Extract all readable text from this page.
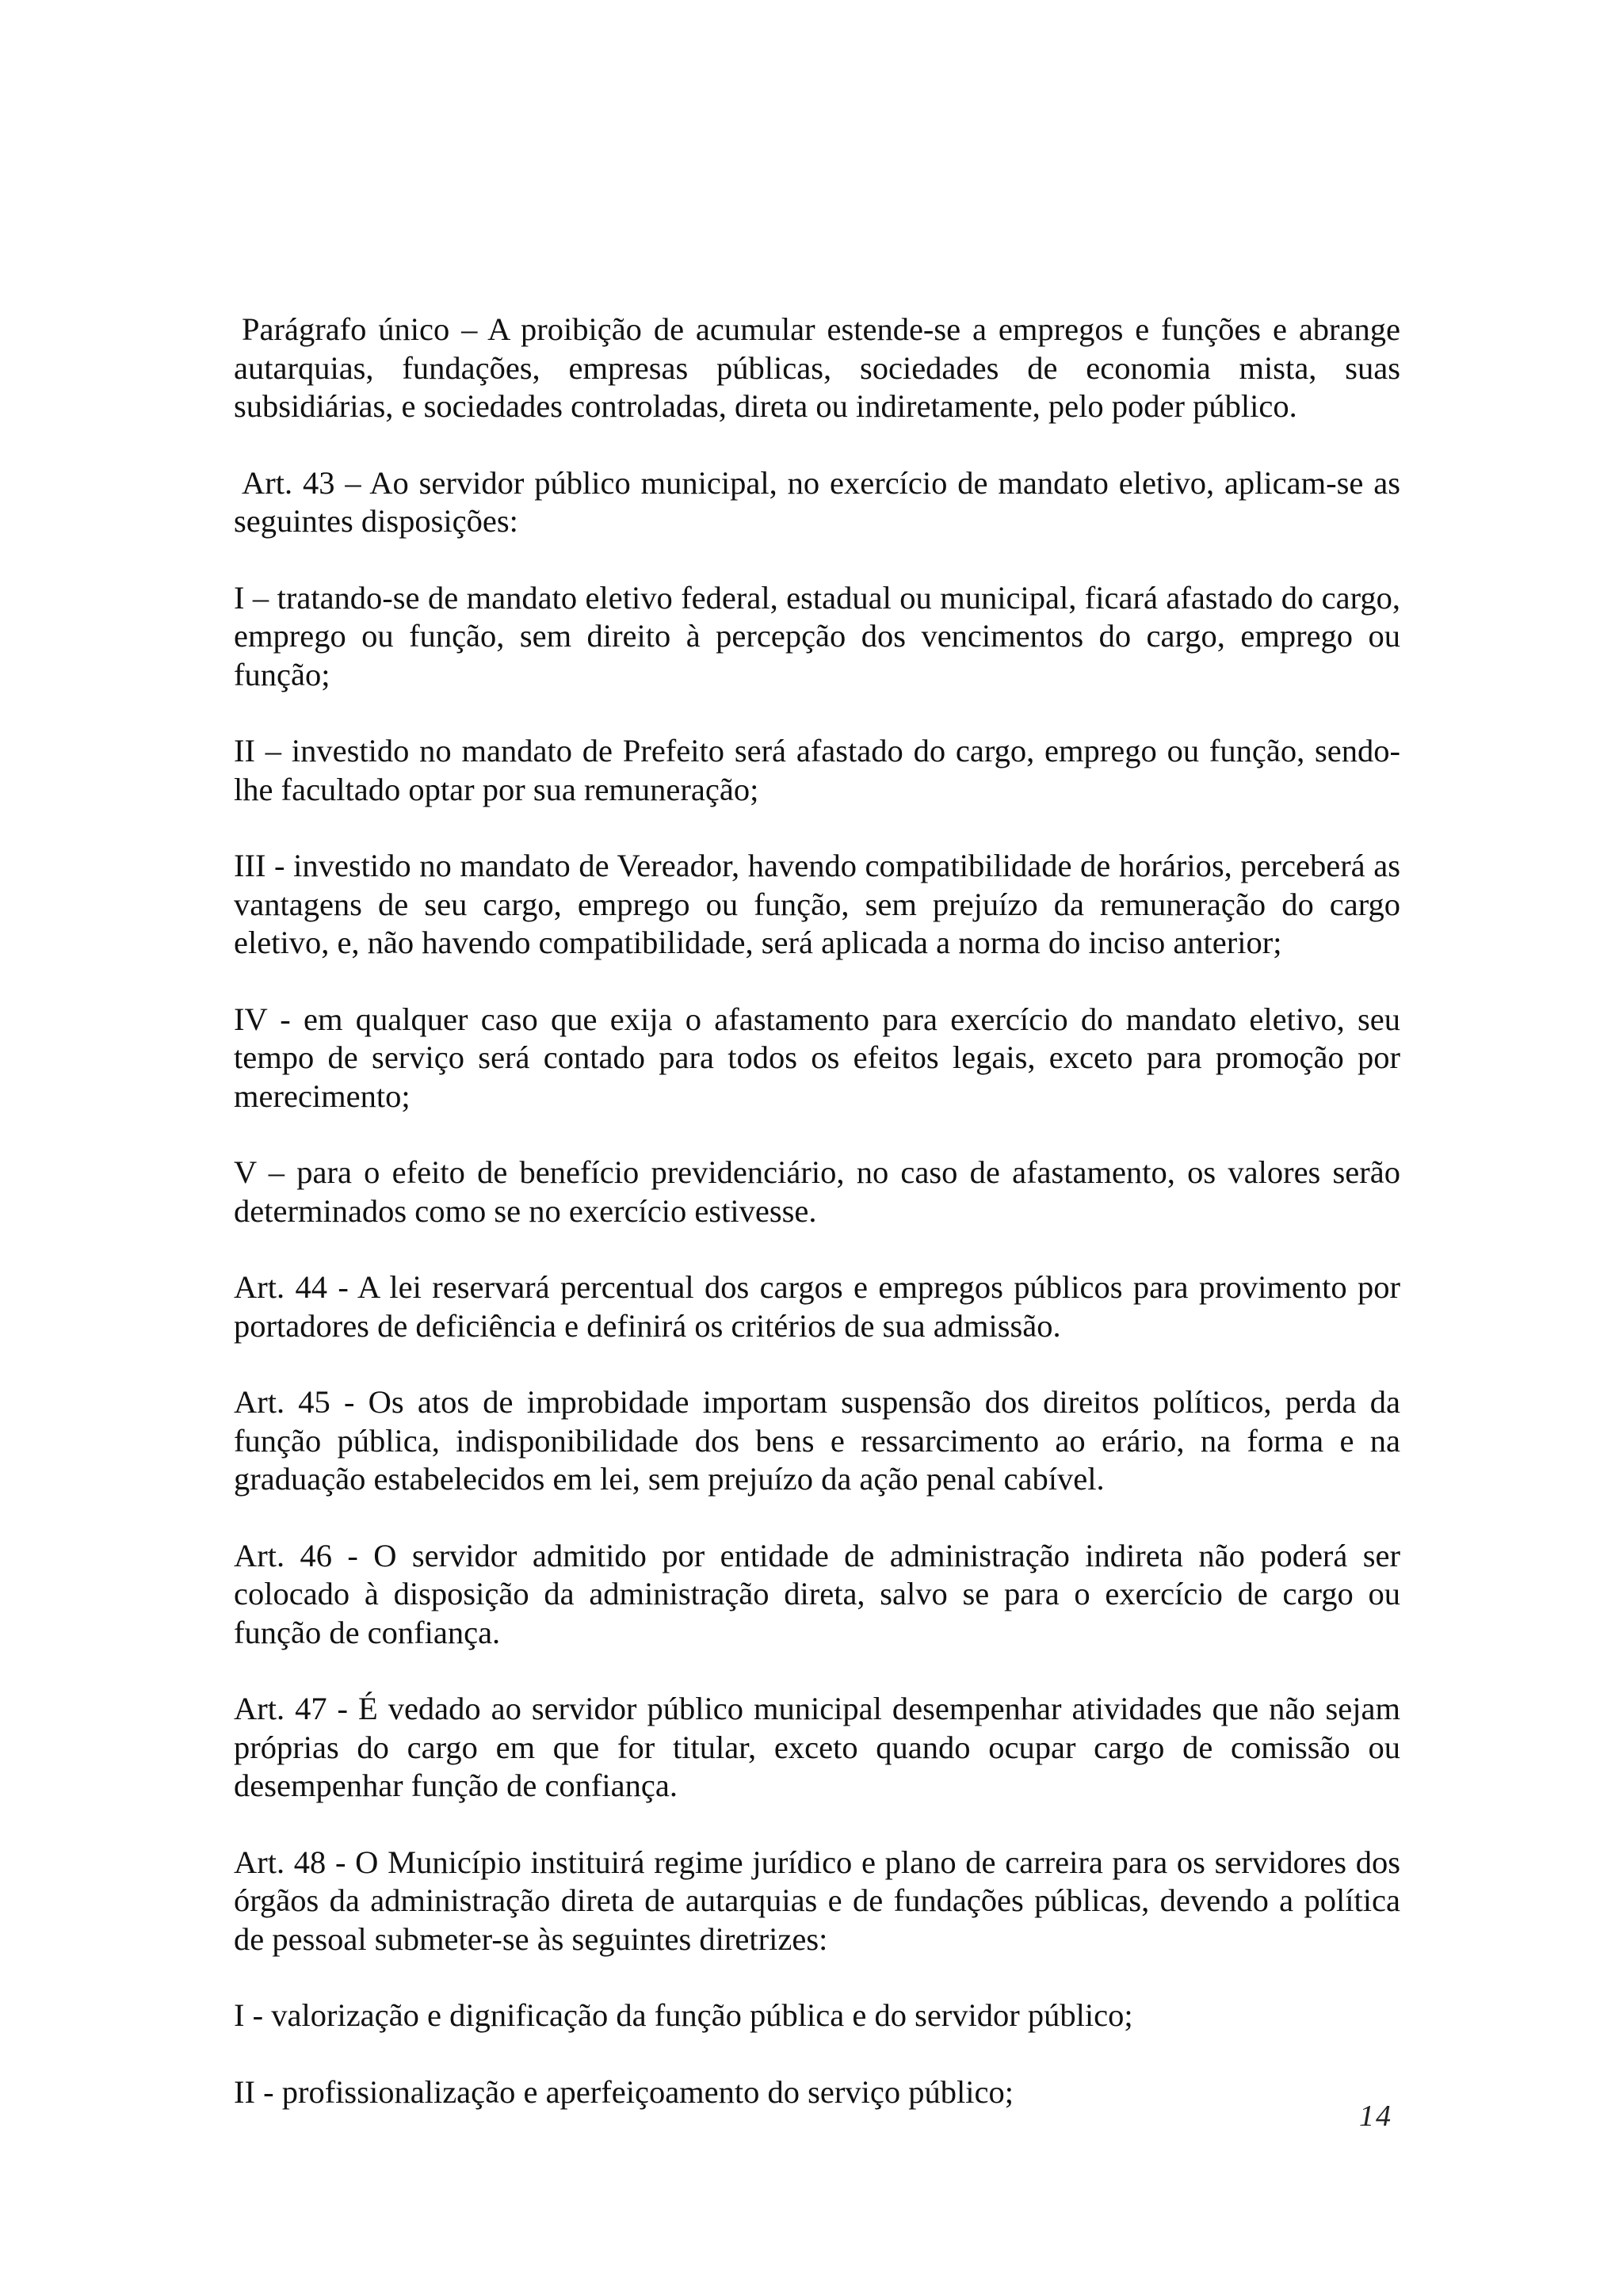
Parágrafo único – A proibição de acumular estende-se a empregos e funções e abrange autarquias, fundações, empresas públicas, sociedades de economia mista, suas subsidiárias, e sociedades controladas, direta ou indiretamente, pelo poder público.

Art. 43 – Ao servidor público municipal, no exercício de mandato eletivo, aplicam-se as seguintes disposições:

I – tratando-se de mandato eletivo federal, estadual ou municipal, ficará afastado do cargo, emprego ou função, sem direito à percepção dos vencimentos do cargo, emprego ou função;

II – investido no mandato de Prefeito será afastado do cargo, emprego ou função, sendo-lhe facultado optar por sua remuneração;

III - investido no mandato de Vereador, havendo compatibilidade de horários, perceberá as vantagens de seu cargo, emprego ou função, sem prejuízo da remuneração do cargo eletivo, e, não havendo compatibilidade, será aplicada a norma do inciso anterior;

IV - em qualquer caso que exija o afastamento para exercício do mandato eletivo, seu tempo de serviço será contado para todos os efeitos legais, exceto para promoção por merecimento;

V – para o efeito de benefício previdenciário, no caso de afastamento, os valores serão determinados como se no exercício estivesse.

Art. 44 - A lei reservará percentual dos cargos e empregos públicos para provimento por portadores de deficiência e definirá os critérios de sua admissão.

Art. 45 - Os atos de improbidade importam suspensão dos direitos políticos, perda da função pública, indisponibilidade dos bens e ressarcimento ao erário, na forma e na graduação estabelecidos em lei, sem prejuízo da ação penal cabível.

Art. 46 - O servidor admitido por entidade de administração indireta não poderá ser colocado à disposição da administração direta, salvo se para o exercício de cargo ou função de confiança.

Art. 47 - É vedado ao servidor público municipal desempenhar atividades que não sejam próprias do cargo em que for titular, exceto quando ocupar cargo de comissão ou desempenhar função de confiança.

Art. 48 - O Município instituirá regime jurídico e plano de carreira para os servidores dos órgãos da administração direta de autarquias e de fundações públicas, devendo a política de pessoal submeter-se às seguintes diretrizes:

I - valorização e dignificação da função pública e do servidor público;

II - profissionalização e aperfeiçoamento do serviço público;

14
